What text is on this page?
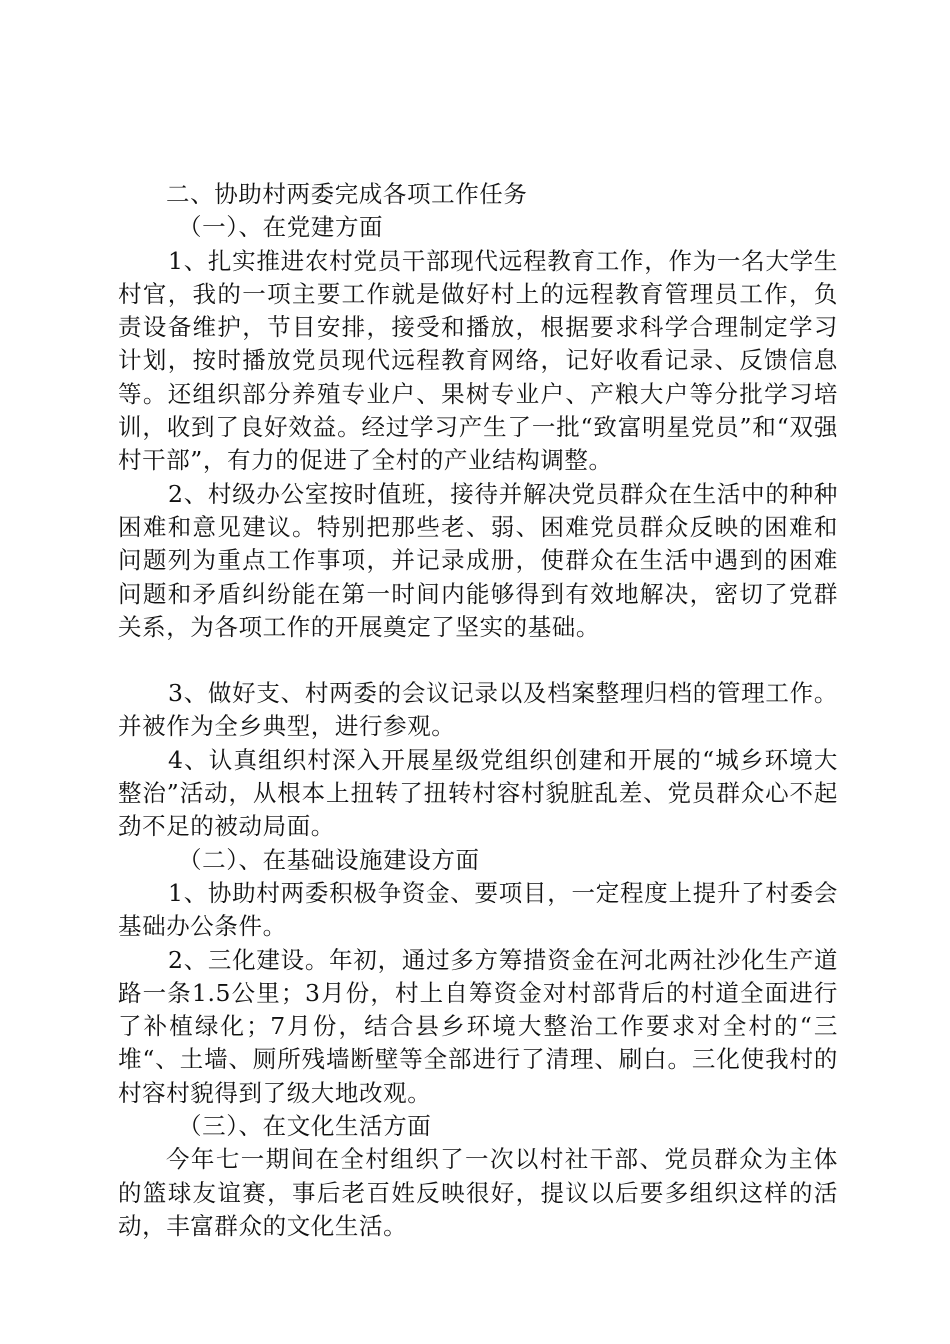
二、协助村两委完成各项工作任务

（一）、在党建方面

1、扎实推进农村党员干部现代远程教育工作，作为一名大学生村官，我的一项主要工作就是做好村上的远程教育管理员工作，负责设备维护，节目安排，接受和播放，根据要求科学合理制定学习计划，按时播放党员现代远程教育网络，记好收看记录、反馈信息等。还组织部分养殖专业户、果树专业户、产粮大户等分批学习培训，收到了良好效益。经过学习产生了一批“致富明星党员”和“双强村干部”，有力的促进了全村的产业结构调整。

2、村级办公室按时值班，接待并解决党员群众在生活中的种种困难和意见建议。特别把那些老、弱、困难党员群众反映的困难和问题列为重点工作事项，并记录成册，使群众在生活中遇到的困难问题和矛盾纠纷能在第一时间内能够得到有效地解决，密切了党群关系，为各项工作的开展奠定了坚实的基础。

3、做好支、村两委的会议记录以及档案整理归档的管理工作。并被作为全乡典型，进行参观。

4、认真组织村深入开展星级党组织创建和开展的“城乡环境大整治”活动，从根本上扭转了扭转村容村貌脏乱差、党员群众心不起劲不足的被动局面。

（二）、在基础设施建设方面

1、协助村两委积极争资金、要项目，一定程度上提升了村委会基础办公条件。

2、三化建设。年初，通过多方筹措资金在河北两社沙化生产道路一条1.5公里；3月份，村上自筹资金对村部背后的村道全面进行了补植绿化；7月份，结合县乡环境大整治工作要求对全村的“三堆“、土墙、厕所残墙断壁等全部进行了清理、刷白。三化使我村的村容村貌得到了级大地改观。

（三）、在文化生活方面

今年七一期间在全村组织了一次以村社干部、党员群众为主体的篮球友谊赛，事后老百姓反映很好，提议以后要多组织这样的活动，丰富群众的文化生活。
